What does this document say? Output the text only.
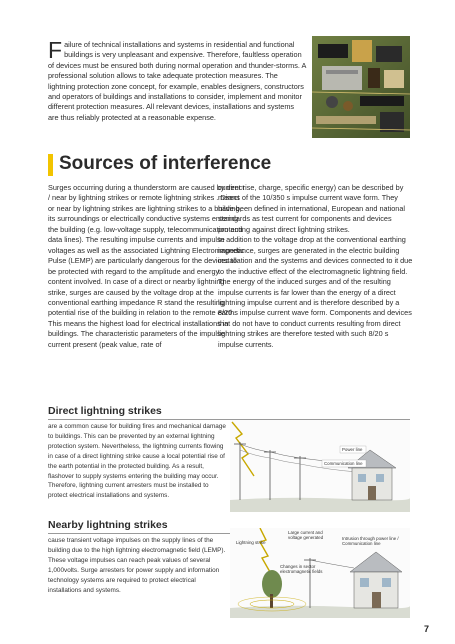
Failure of technical installations and systems in residential and functional buildings is very unpleasant and expensive. Therefore, faultless operation of devices must be ensured both during normal operation and thunder-storms. A professional solution allows to take adequate protection measures. The lightning protection zone concept, for example, enables designers, constructors and operators of buildings and installations to consider, implement and monitor different protection measures. All relevant devices, installations and systems are thus reliably protected at a reasonable expense.

Sources of interference

Surges occurring during a thunderstorm are caused by direct / near by lightning strikes or remote lightning strikes . Direct or near by lightning strikes are lightning strikes to a building, its surroundings or electrically conductive systems entering the building (e.g. low-voltage supply, telecommunication and data lines). The resulting impulse currents and impulse voltages as well as the associated Lightning Electromagnetic Pulse (LEMP) are particularly dangerous for the devices to be protected with regard to the amplitude and energy content involved. In case of a direct or nearby lightning strike, surges are caused by the voltage drop at the conventional earthing impedance R stand the resulting potential rise of the building in relation to the remote earth. This means the highest load for electrical installations in buildings. The characteristic parameters of the impulse current present (peak value, rate of

current rise, charge, specific energy) can be described by means of the 10/350 s impulse current wave form. They have been defined in international, European and national standards as test current for components and devices protecting against direct lightning strikes.
In addition to the voltage drop at the conventional earthing impedance, surges are generated in the electric building installation and the systems and devices connected to it due to the inductive effect of the electromagnetic lightning field. The energy of the induced surges and of the resulting impulse currents is far lower than the energy of a direct lightning impulse current and is therefore described by a 8/20 s impulse current wave form. Components and devices that do not have to conduct currents resulting from direct lightning strikes are therefore tested with such 8/20 s impulse currents.

Direct lightning strikes

are a common cause for building fires and mechanical damage to buildings. This can be prevented by an external lightning protection system. Nevertheless, the lightning currents flowing in case of a direct lightning strike cause a local potential rise of the earth potential in the protected building. As a result, flashover to supply systems entering the building may occur. Therefore, lightning current arresters must be installed to protect electrical installations and systems.

Power line
Communication line
Nearby lightning strikes

cause transient voltage impulses on the supply lines of the building due to the high lightning electromagnetic field (LEMP). These voltage impulses can reach peak values of several 1,000volts. Surge arresters for power supply and information technology systems are required to protect electrical installations and systems.

Lightning strike
Large current and
voltage generated	Intrusion through power line /
Communication line
Changes in sector
electromagnetic fields
7
